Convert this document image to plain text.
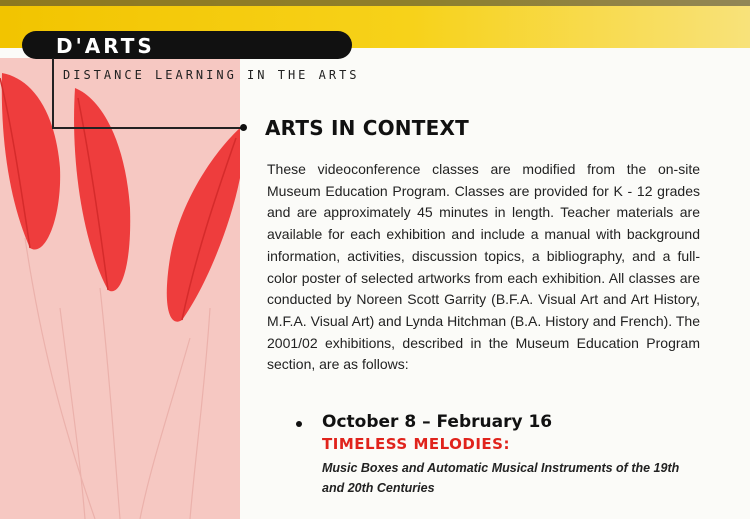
D'ARTS
DISTANCE LEARNING IN THE ARTS
ARTS IN CONTEXT
These videoconference classes are modified from the on-site Museum Education Program. Classes are provided for K - 12 grades and are approximately 45 minutes in length. Teacher materials are available for each exhibition and include a manual with background information, activities, discussion topics, a bibliography, and a full-color poster of selected artworks from each exhibition. All classes are conducted by Noreen Scott Garrity (B.F.A. Visual Art and Art History, M.F.A. Visual Art) and Lynda Hitchman (B.A. History and French). The 2001/02 exhibitions, described in the Museum Education Program section, are as follows:
October 8 – February 16
TIMELESS MELODIES:
Music Boxes and Automatic Musical Instruments of the 19th and 20th Centuries
